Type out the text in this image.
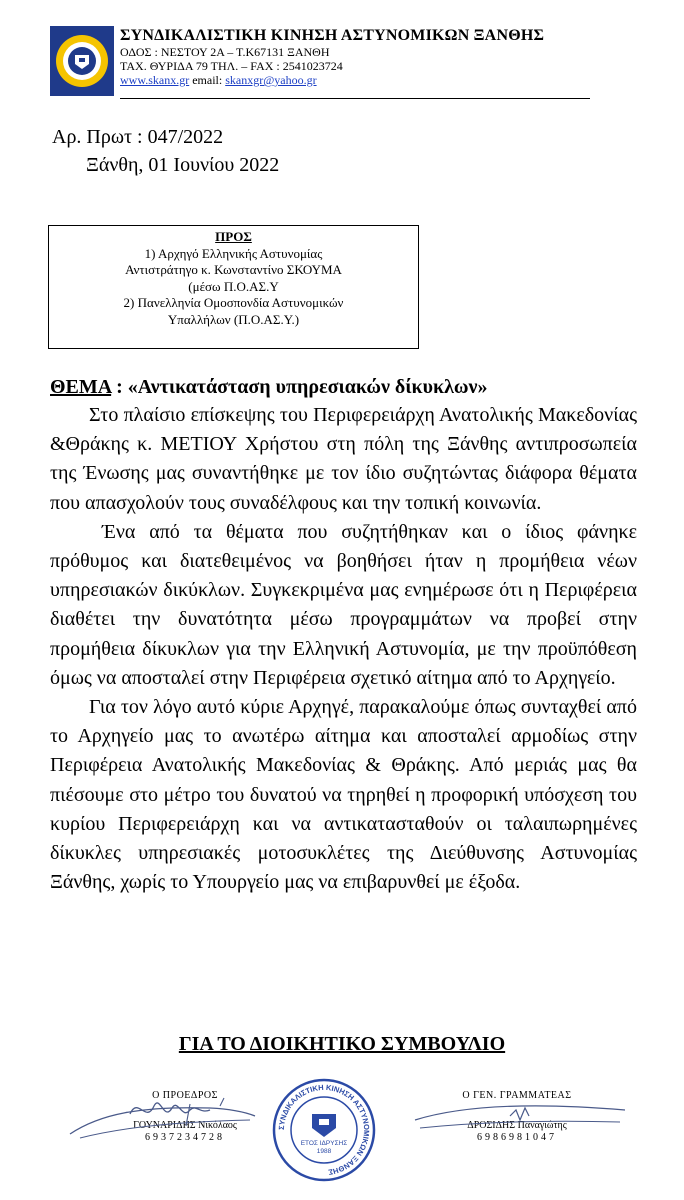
ΣΥΝΔΙΚΑΛΙΣΤΙΚΗ ΚΙΝΗΣΗ ΑΣΤΥΝΟΜΙΚΩΝ ΞΑΝΘΗΣ
ΟΔΟΣ : ΝΕΣΤΟΥ 2Α – Τ.Κ67131 ΞΑΝΘΗ
ΤΑΧ. ΘΥΡΙΔΑ 79 ΤΗΛ. – FAX : 2541023724
www.skanx.gr email: skanxgr@yahoo.gr
Αρ. Πρωτ : 047/2022
Ξάνθη, 01 Ιουνίου 2022
ΠΡΟΣ
1) Αρχηγό Ελληνικής Αστυνομίας
Αντιστράτηγο κ. Κωνσταντίνο ΣΚΟΥΜΑ
(μέσω Π.Ο.ΑΣ.Υ
2) Πανελληνία Ομοσπονδία Αστυνομικών
Υπαλλήλων (Π.Ο.ΑΣ.Υ.)
ΘΕΜΑ : «Αντικατάσταση υπηρεσιακών δίκυκλων»

Στο πλαίσιο επίσκεψης του Περιφερειάρχη Ανατολικής Μακεδονίας &Θράκης κ. ΜΕΤΙΟΥ Χρήστου στη πόλη της Ξάνθης αντιπροσωπεία της Ένωσης μας συναντήθηκε με τον ίδιο συζητώντας διάφορα θέματα που απασχολούν τους συναδέλφους και την τοπική κοινωνία.

Ένα από τα θέματα που συζητήθηκαν και ο ίδιος φάνηκε πρόθυμος και διατεθειμένος να βοηθήσει ήταν η προμήθεια νέων υπηρεσιακών δικύκλων. Συγκεκριμένα μας ενημέρωσε ότι η Περιφέρεια διαθέτει την δυνατότητα μέσω προγραμμάτων να προβεί στην προμήθεια δίκυκλων για την Ελληνική Αστυνομία, με την προϋπόθεση όμως να αποσταλεί στην Περιφέρεια σχετικό αίτημα από το Αρχηγείο.

Για τον λόγο αυτό κύριε Αρχηγέ, παρακαλούμε όπως συνταχθεί από το Αρχηγείο μας το ανωτέρω αίτημα και αποσταλεί αρμοδίως στην Περιφέρεια Ανατολικής Μακεδονίας & Θράκης. Από μεριάς μας θα πιέσουμε στο μέτρο του δυνατού να τηρηθεί η προφορική υπόσχεση του κυρίου Περιφερειάρχη και να αντικατασταθούν οι ταλαιπωρημένες δίκυκλες υπηρεσιακές μοτοσυκλέτες της Διεύθυνσης Αστυνομίας Ξάνθης, χωρίς το Υπουργείο μας να επιβαρυνθεί με έξοδα.

ΓΙΑ ΤΟ ΔΙΟΙΚΗΤΙΚΟ ΣΥΜΒΟΥΛΙΟ
Ο ΠΡΟΕΔΡΟΣ
ΓΟΥΝΑΡΙΔΗΣ Νικόλαος
6937234728
ΣΥΝΔΙΚΑΛΙΣΤΙΚΗ ΚΙΝΗΣΗ ΑΣΤΥΝΟΜΙΚΩΝ ΞΑΝΘΗΣ
ΕΤΟΣ ΙΔΡΥΣΗΣ
1988
Ο ΓΕΝ. ΓΡΑΜΜΑΤΕΑΣ
ΔΡΟΣΙΔΗΣ Παναγιώτης
6986981047
